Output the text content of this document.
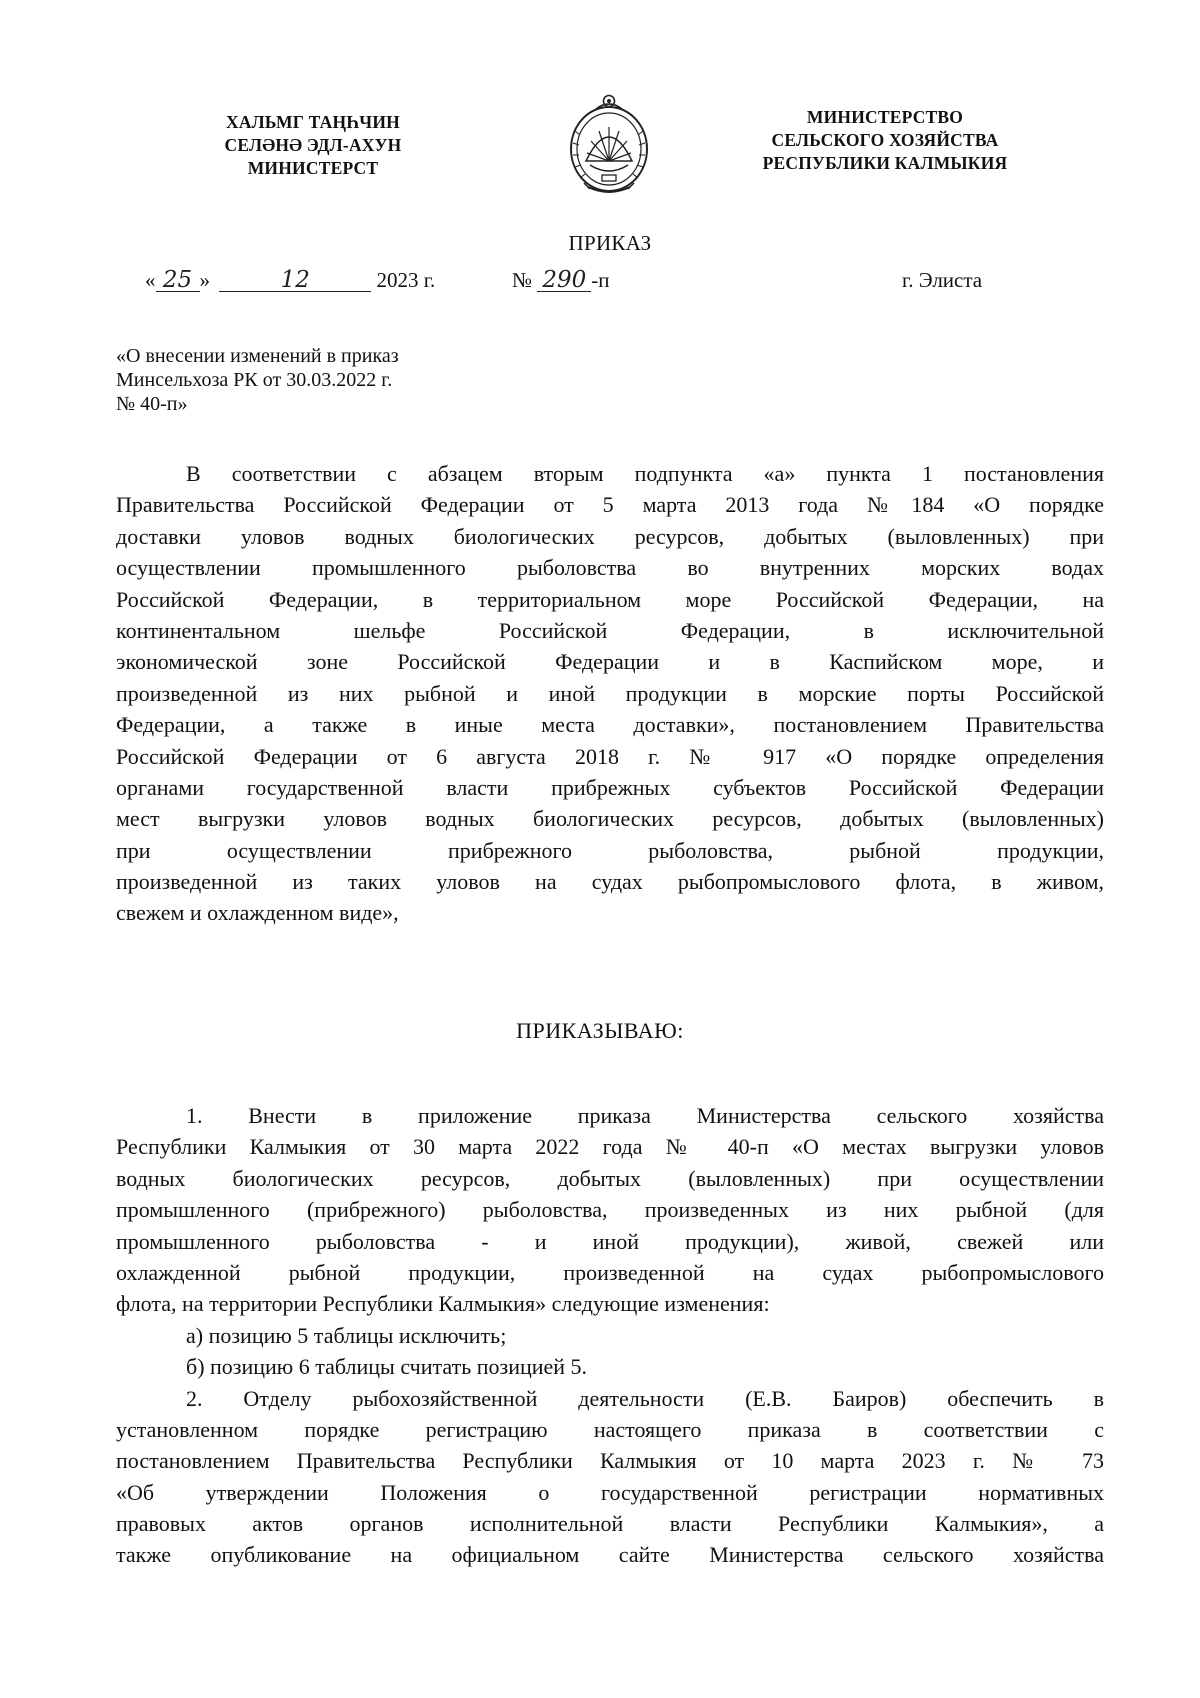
ХАЛЬМГ ТАҢҺЧИН
СЕЛӘНӘ ЭДЛ-АХУН
МИНИСТЕРСТ
МИНИСТЕРСТВО
СЕЛЬСКОГО ХОЗЯЙСТВА
РЕСПУБЛИКИ КАЛМЫКИЯ
ПРИКАЗ
« 25 »	12	2023 г.	№ 290 -п	г. Элиста
«О внесении изменений в приказ
Минсельхоза РК от 30.03.2022 г.
№ 40-п»
В соответствии с абзацем вторым подпункта «а» пункта 1 постановления
Правительства Российской Федерации от 5 марта 2013 года №184 «О порядке
доставки уловов водных биологических ресурсов, добытых (выловленных) при
осуществлении промышленного рыболовства во внутренних морских водах
Российской Федерации, в территориальном море Российской Федерации, на
континентальном шельфе Российской Федерации, в исключительной
экономической зоне Российской Федерации и в Каспийском море, и
произведенной из них рыбной и иной продукции в морские порты Российской
Федерации, а также в иные места доставки», постановлением Правительства
Российской Федерации от 6 августа 2018 г. № 917 «О порядке определения
органами государственной власти прибрежных субъектов Российской Федерации
мест выгрузки уловов водных биологических ресурсов, добытых (выловленных)
при осуществлении прибрежного рыболовства, рыбной продукции,
произведенной из таких уловов на судах рыбопромыслового флота, в живом,
свежем и охлажденном виде»,
ПРИКАЗЫВАЮ:
1. Внести в приложение приказа Министерства сельского хозяйства
Республики Калмыкия от 30 марта 2022 года № 40-п «О местах выгрузки уловов
водных биологических ресурсов, добытых (выловленных) при осуществлении
промышленного (прибрежного) рыболовства, произведенных из них рыбной (для
промышленного рыболовства - и иной продукции), живой, свежей или
охлажденной рыбной продукции, произведенной на судах рыбопромыслового
флота, на территории Республики Калмыкия» следующие изменения:
а) позицию 5 таблицы исключить;
б) позицию 6 таблицы считать позицией 5.
2. Отделу рыбохозяйственной деятельности (Е.В. Баиров) обеспечить в
установленном порядке регистрацию настоящего приказа в соответствии с
постановлением Правительства Республики Калмыкия от 10 марта 2023 г. № 73
«Об утверждении Положения о государственной регистрации нормативных
правовых актов органов исполнительной власти Республики Калмыкия», а
также опубликование на официальном сайте Министерства сельского хозяйства
